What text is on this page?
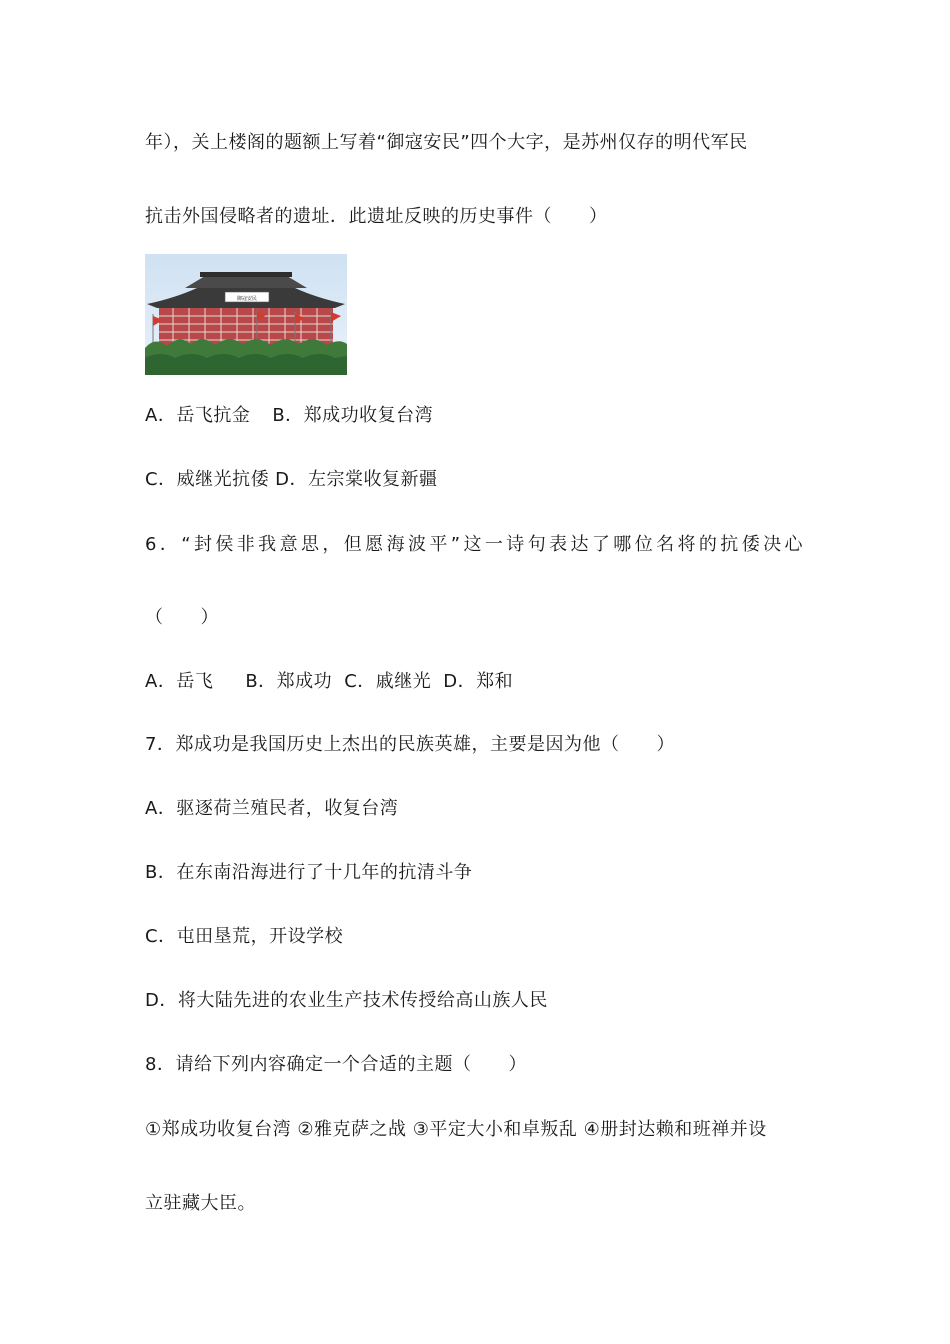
年），关上楼阁的题额上写着“御寇安民”四个大字，是苏州仅存的明代军民
抗击外国侵略者的遗址．此遗址反映的历史事件（　　）
御寇安民
A．岳飞抗金 B．郑成功收复台湾
C．威继光抗倭 D．左宗棠收复新疆
6．“封侯非我意思，但愿海波平”这一诗句表达了哪位名将的抗倭决心
（　　）
A．岳飞 B．郑成功 C．戚继光 D．郑和
7．郑成功是我国历史上杰出的民族英雄，主要是因为他（　　）
A．驱逐荷兰殖民者，收复台湾
B．在东南沿海进行了十几年的抗清斗争
C．屯田垦荒，开设学校
D．将大陆先进的农业生产技术传授给高山族人民
8．请给下列内容确定一个合适的主题（　　）
①郑成功收复台湾 ②雅克萨之战 ③平定大小和卓叛乱 ④册封达赖和班禅并设
立驻藏大臣。
